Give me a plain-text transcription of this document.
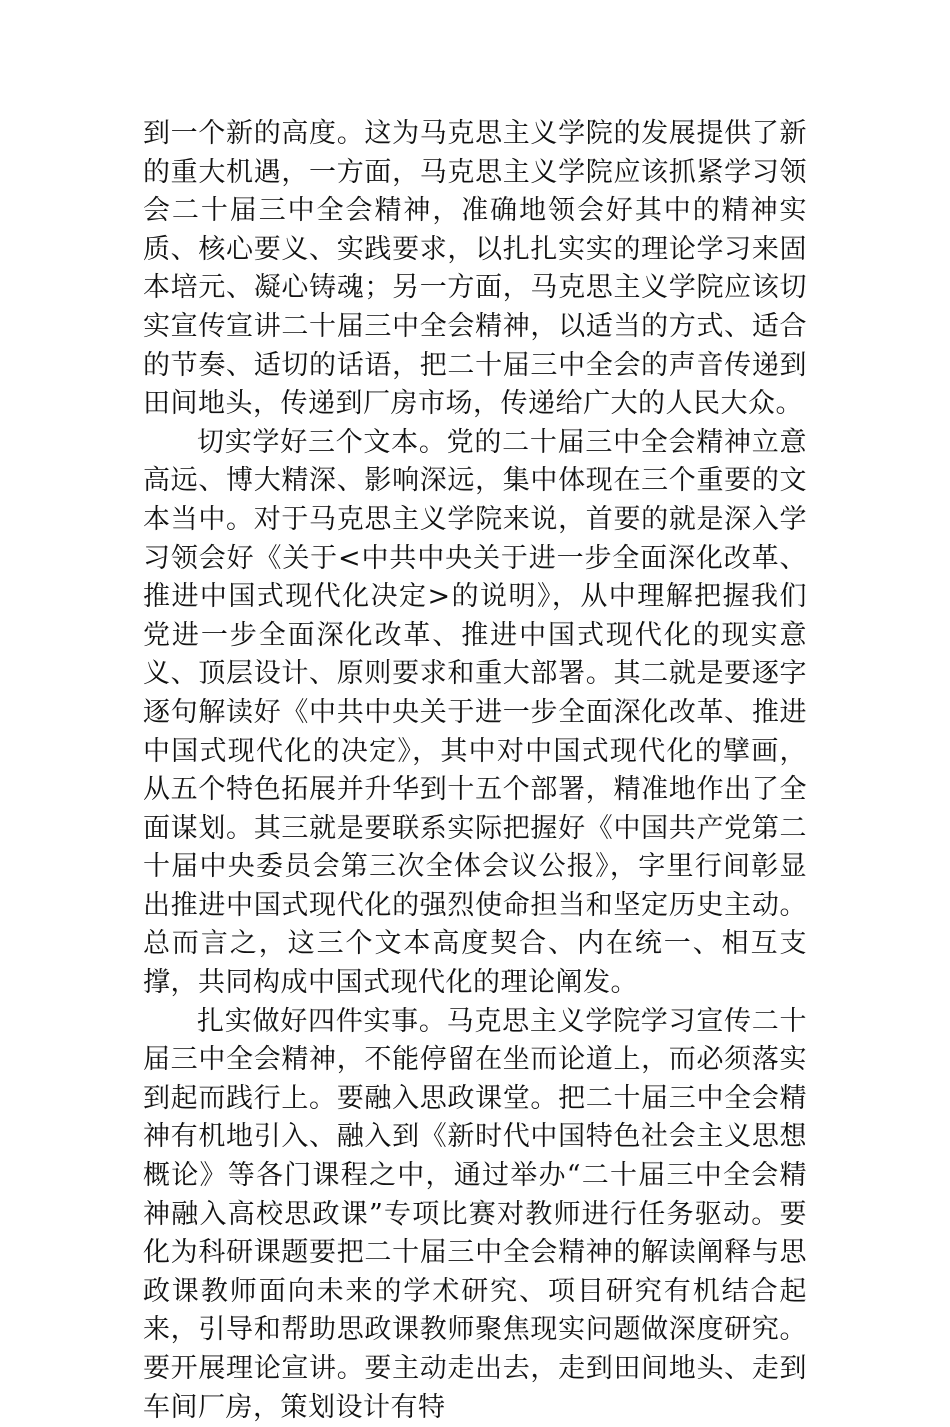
到一个新的高度。这为马克思主义学院的发展提供了新的重大机遇，一方面，马克思主义学院应该抓紧学习领会二十届三中全会精神，准确地领会好其中的精神实质、核心要义、实践要求，以扎扎实实的理论学习来固本培元、凝心铸魂；另一方面，马克思主义学院应该切实宣传宣讲二十届三中全会精神，以适当的方式、适合的节奏、适切的话语，把二十届三中全会的声音传递到田间地头，传递到厂房市场，传递给广大的人民大众。

切实学好三个文本。党的二十届三中全会精神立意高远、博大精深、影响深远，集中体现在三个重要的文本当中。对于马克思主义学院来说，首要的就是深入学习领会好《关于<中共中央关于进一步全面深化改革、推进中国式现代化决定>的说明》，从中理解把握我们党进一步全面深化改革、推进中国式现代化的现实意义、顶层设计、原则要求和重大部署。其二就是要逐字逐句解读好《中共中央关于进一步全面深化改革、推进中国式现代化的决定》，其中对中国式现代化的擘画，从五个特色拓展并升华到十五个部署，精准地作出了全面谋划。其三就是要联系实际把握好《中国共产党第二十届中央委员会第三次全体会议公报》，字里行间彰显出推进中国式现代化的强烈使命担当和坚定历史主动。总而言之，这三个文本高度契合、内在统一、相互支撑，共同构成中国式现代化的理论阐发。

扎实做好四件实事。马克思主义学院学习宣传二十届三中全会精神，不能停留在坐而论道上，而必须落实到起而践行上。要融入思政课堂。把二十届三中全会精神有机地引入、融入到《新时代中国特色社会主义思想概论》等各门课程之中，通过举办“二十届三中全会精神融入高校思政课”专项比赛对教师进行任务驱动。要化为科研课题要把二十届三中全会精神的解读阐释与思政课教师面向未来的学术研究、项目研究有机结合起来，引导和帮助思政课教师聚焦现实问题做深度研究。要开展理论宣讲。要主动走出去，走到田间地头、走到车间厂房，策划设计有特
